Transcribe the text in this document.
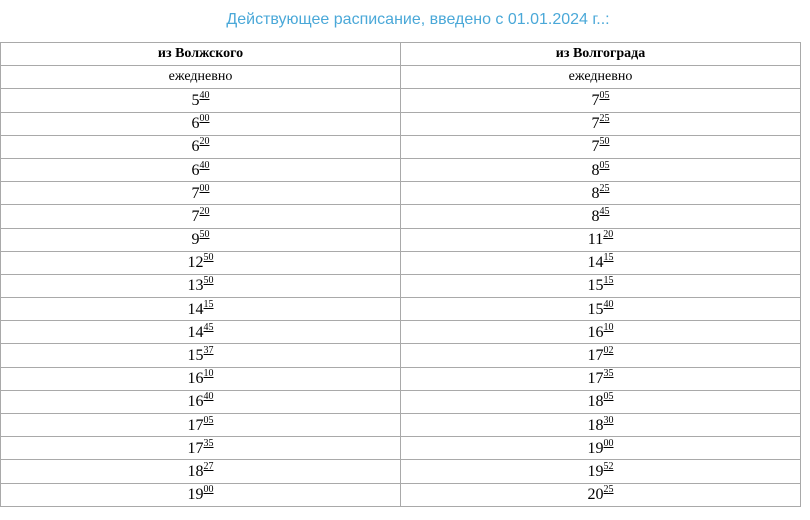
Действующее расписание, введено с 01.01.2024 г..:
из Волжского	из Волгограда
ежедневно	ежедневно
$5^{40}$	$7^{05}$
$6^{00}$	$7^{25}$
$6^{20}$	$7^{50}$
$6^{40}$	$8^{05}$
$7^{00}$	$8^{25}$
$7^{20}$	$8^{45}$
$9^{50}$	$11^{20}$
$12^{50}$	$14^{15}$
$13^{50}$	$15^{15}$
$14^{15}$	$15^{40}$
$14^{45}$	$16^{10}$
$15^{37}$	$17^{02}$
$16^{10}$	$17^{35}$
$16^{40}$	$18^{05}$
$17^{05}$	$18^{30}$
$17^{35}$	$19^{00}$
$18^{27}$	$19^{52}$
$19^{00}$	$20^{25}$
